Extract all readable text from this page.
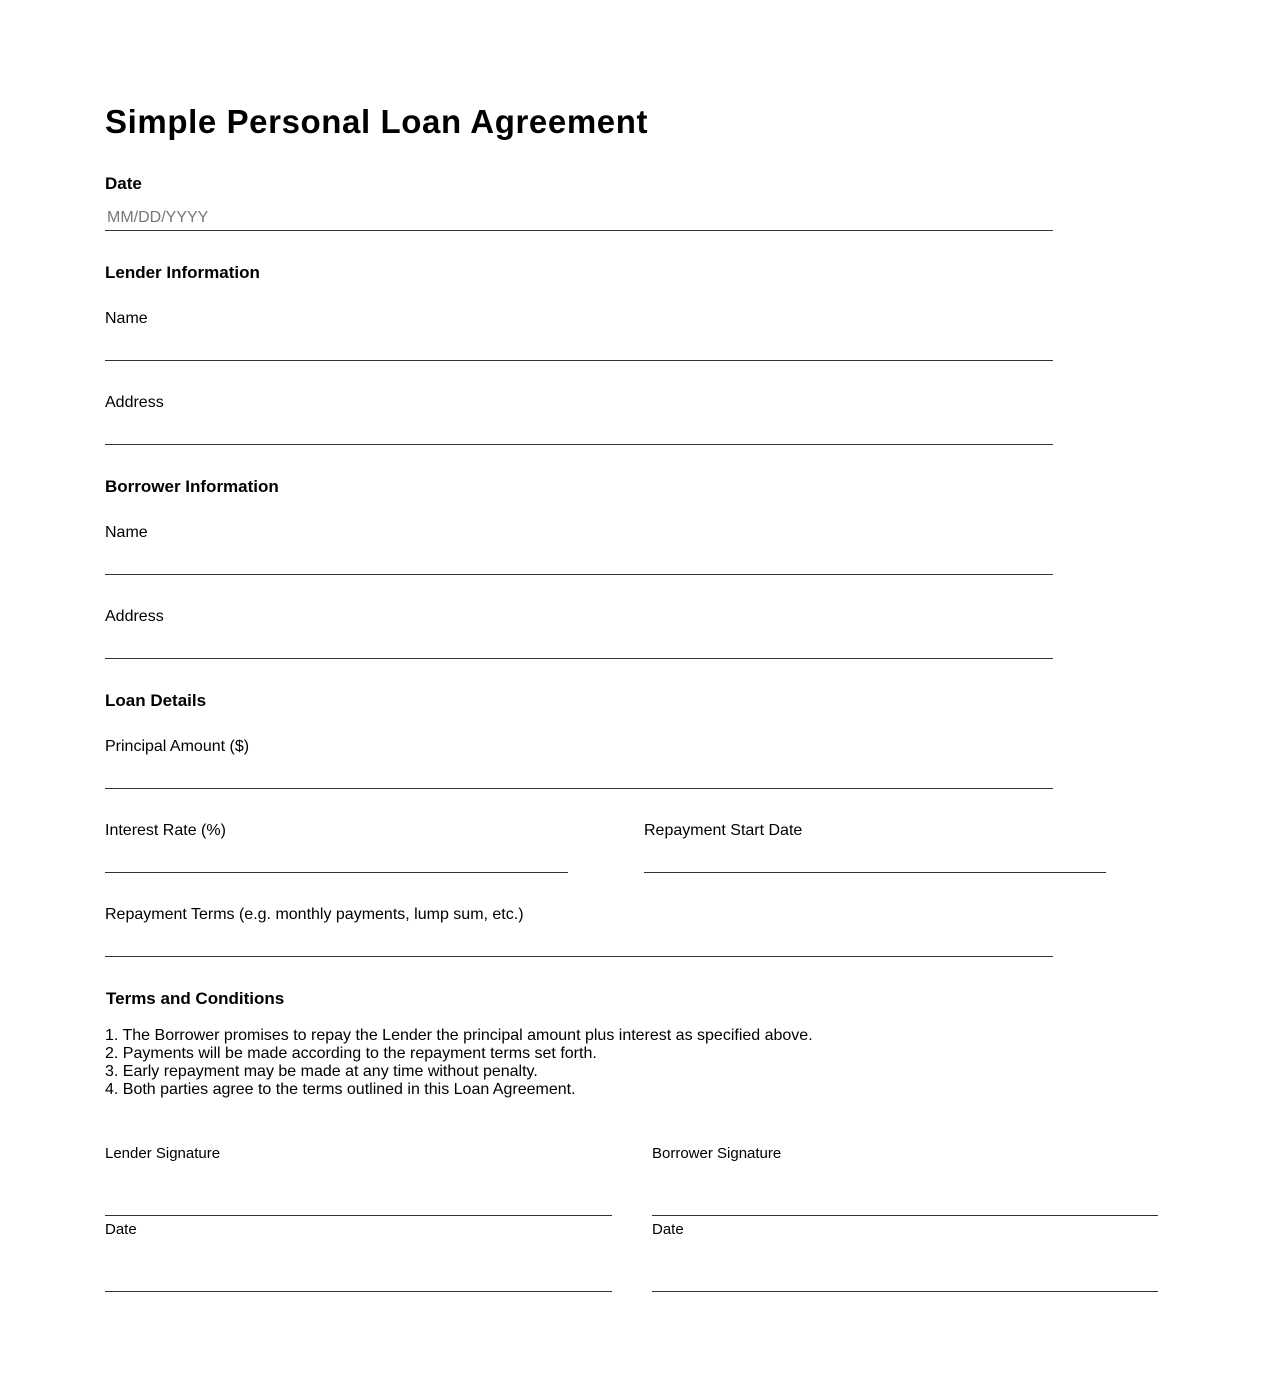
Simple Personal Loan Agreement
Date
MM/DD/YYYY
Lender Information
Name
Address
Borrower Information
Name
Address
Loan Details
Principal Amount ($)
Interest Rate (%)	Repayment Start Date
Repayment Terms (e.g. monthly payments, lump sum, etc.)
Terms and Conditions
1. The Borrower promises to repay the Lender the principal amount plus interest as specified above.
2. Payments will be made according to the repayment terms set forth.
3. Early repayment may be made at any time without penalty.
4. Both parties agree to the terms outlined in this Loan Agreement.
Lender Signature
Date
Borrower Signature
Date
